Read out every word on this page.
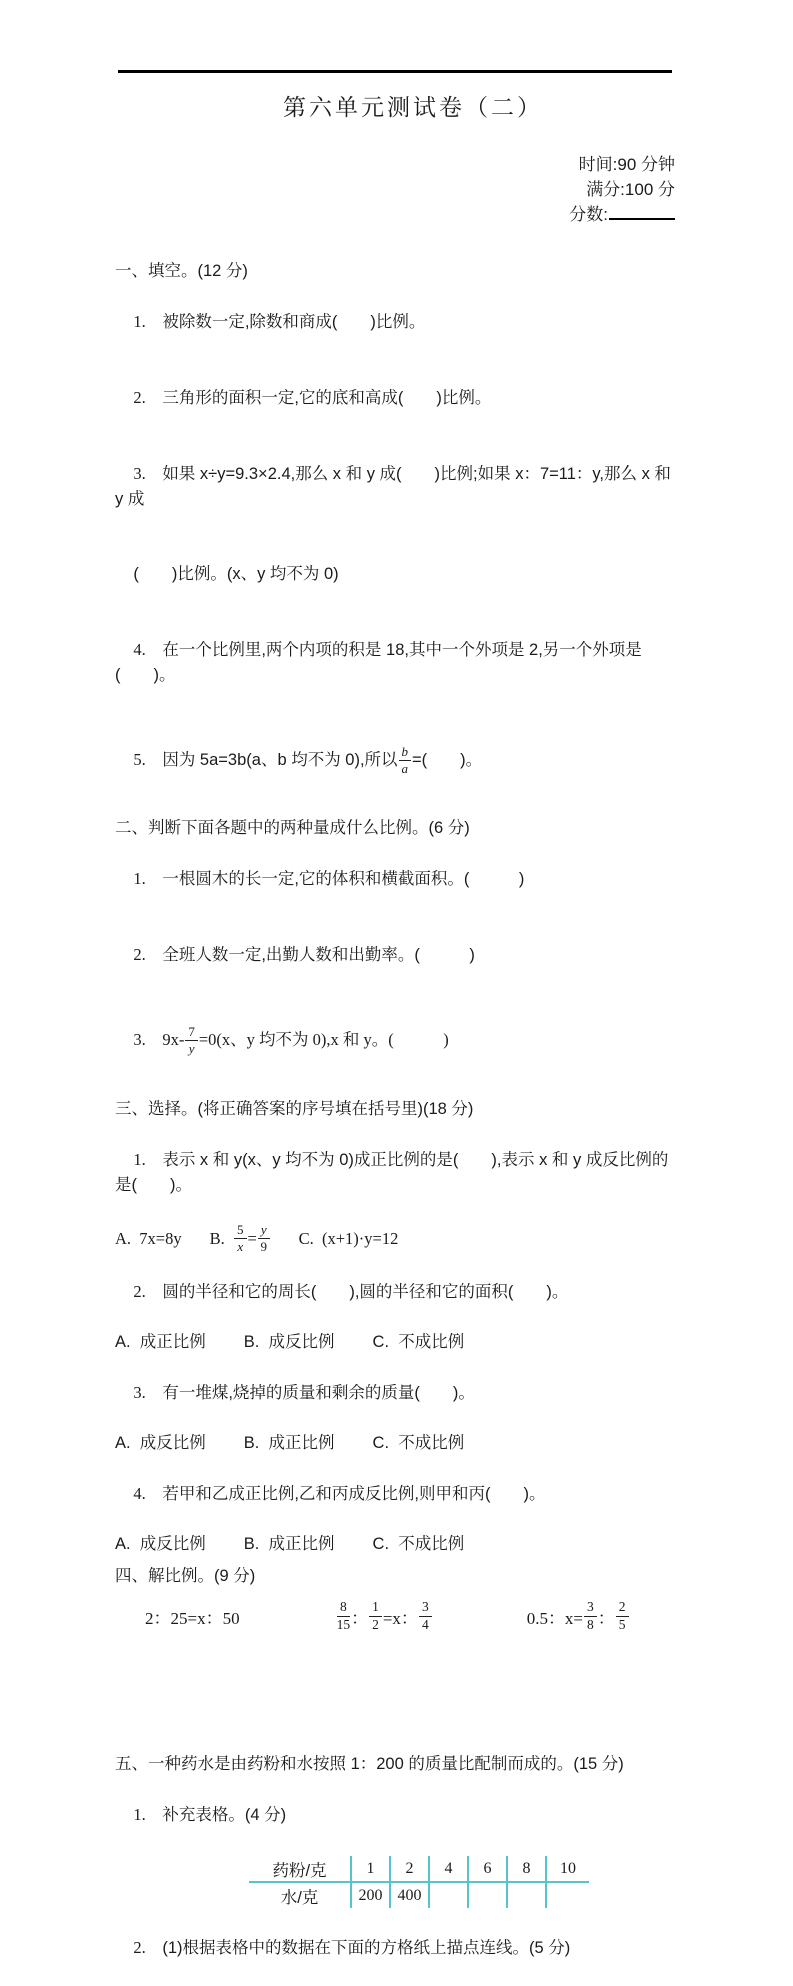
第六单元测试卷（二）

时间:90 分钟
满分:100 分
分数:

一、填空。(12 分)

1. 被除数一定,除数和商成(　　)比例。

2. 三角形的面积一定,它的底和高成(　　)比例。

3. 如果 x÷y=9.3×2.4,那么 x 和 y 成(　　)比例;如果 x：7=11：y,那么 x 和 y 成

(　　)比例。(x、y 均不为 0)

4. 在一个比例里,两个内项的积是 18,其中一个外项是 2,另一个外项是(　　)。

5. 因为 5a=3b(a、b 均不为 0),所以 $\frac{b}{a}$ =(　　)。

二、判断下面各题中的两种量成什么比例。(6 分)

1. 一根圆木的长一定,它的体积和横截面积。(　　　)

2. 全班人数一定,出勤人数和出勤率。(　　　)

3. $9x- \frac{7}{y} =0(x$、y 均不为 0),x 和 y。(　　　)

三、选择。(将正确答案的序号填在括号里)(18 分)

1. 表示 x 和 y(x、y 均不为 0)成正比例的是(　　),表示 x 和 y 成反比例的是(　　)。

A.  7x=8y B. $\frac{5}{x} = \frac{y}{9} C$.  (x+1)·y=12

2. 圆的半径和它的周长(　　),圆的半径和它的面积(　　)。

A.  成正比例 B.  成反比例 C.  不成比例

3. 有一堆煤,烧掉的质量和剩余的质量(　　)。

A.  成反比例 B.  成正比例 C.  不成比例

4. 若甲和乙成正比例,乙和丙成反比例,则甲和丙(　　)。

A.  成反比例 B.  成正比例 C.  不成比例
四、解比例。(9 分)
2：25=x：50	$\frac{8}{15}$ ： $\frac{1}{2} =x$： $\frac{3}{4}$	0.5：$x= \frac{3}{8}$ ： $\frac{2}{5}$
五、一种药水是由药粉和水按照 1：200 的质量比配制而成的。(15 分)

1. 补充表格。(4 分)

药粉/克	1	2	4	6	8	10
水/克	200	400				

2. (1)根据表格中的数据在下面的方格纸上描点连线。(5 分)
